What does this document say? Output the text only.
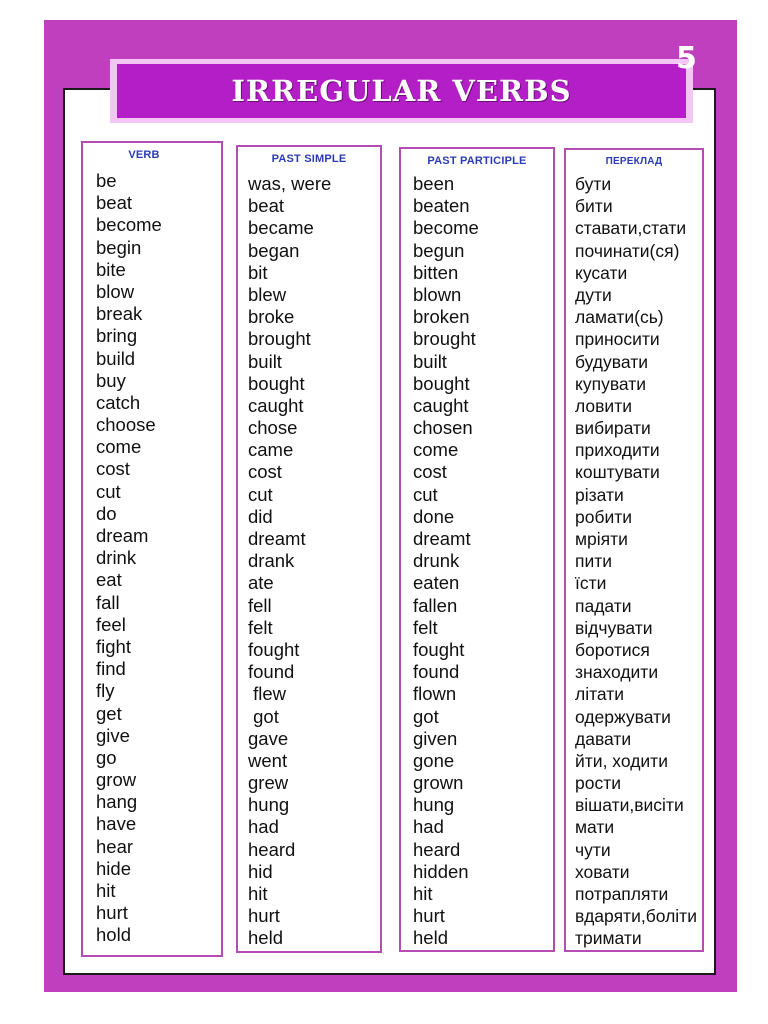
IRREGULAR VERBS
5
VERB
be
beat
become
begin
bite
blow
break
bring
build
buy
catch
choose
come
cost
cut
do
dream
drink
eat
fall
feel
fight
find
fly
get
give
go
grow
hang
have
hear
hide
hit
hurt
hold
PAST SIMPLE
was, were
beat
became
began
bit
blew
broke
brought
built
bought
caught
chose
came
cost
cut
did
dreamt
drank
ate
fell
felt
fought
found
flew
got
gave
went
grew
hung
had
heard
hid
hit
hurt
held
PAST PARTICIPLE
been
beaten
become
begun
bitten
blown
broken
brought
built
bought
caught
chosen
come
cost
cut
done
dreamt
drunk
eaten
fallen
felt
fought
found
flown
got
given
gone
grown
hung
had
heard
hidden
hit
hurt
held
ПЕРЕКЛАД
бути
бити
ставати,стати
починати(ся)
кусати
дути
ламати(сь)
приносити
будувати
купувати
ловити
вибирати
приходити
коштувати
різати
робити
мріяти
пити
їсти
падати
відчувати
боротися
знаходити
літати
одержувати
давати
йти, ходити
рости
вішати,висіти
мати
чути
ховати
потрапляти
вдаряти,боліти
тримати
